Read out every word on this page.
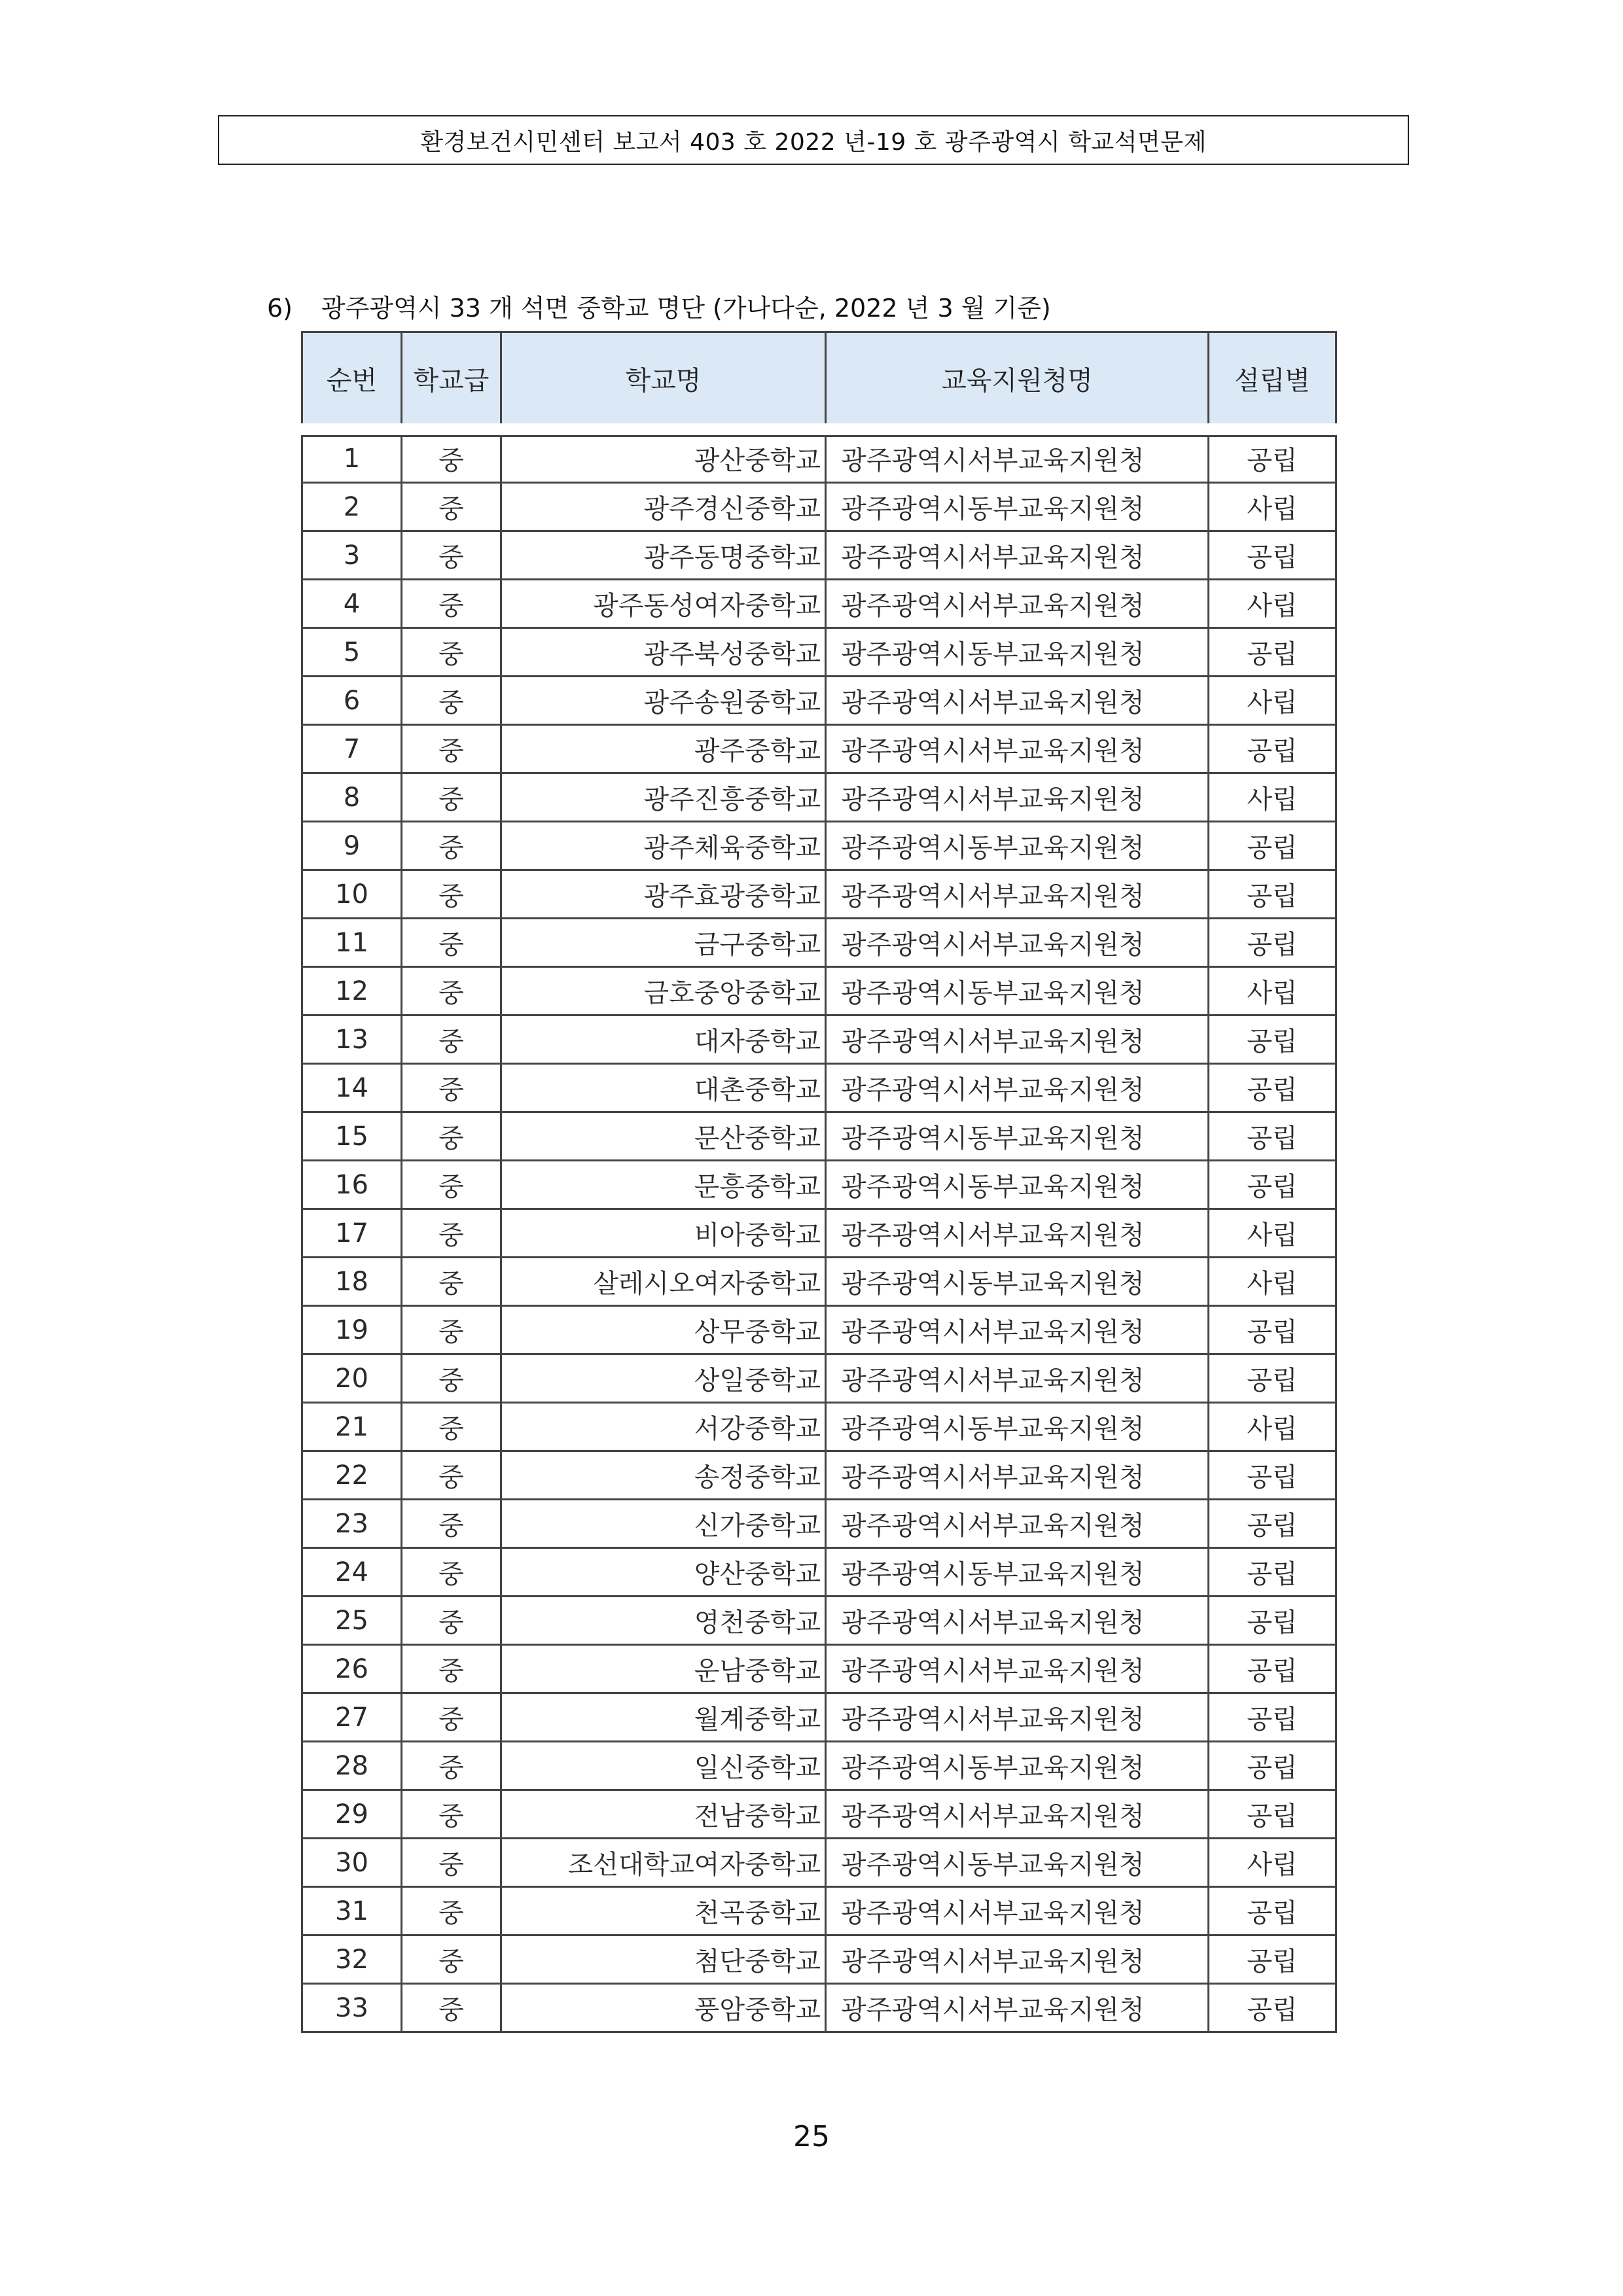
환경보건시민센터 보고서 403 호 2022 년-19 호 광주광역시 학교석면문제
6) 광주광역시 33 개 석면 중학교 명단 (가나다순, 2022 년 3 월 기준)
순번	학교급	학교명	교육지원청명	설립별
1	중	광산중학교	광주광역시서부교육지원청	공립
2	중	광주경신중학교	광주광역시동부교육지원청	사립
3	중	광주동명중학교	광주광역시서부교육지원청	공립
4	중	광주동성여자중학교	광주광역시서부교육지원청	사립
5	중	광주북성중학교	광주광역시동부교육지원청	공립
6	중	광주송원중학교	광주광역시서부교육지원청	사립
7	중	광주중학교	광주광역시서부교육지원청	공립
8	중	광주진흥중학교	광주광역시서부교육지원청	사립
9	중	광주체육중학교	광주광역시동부교육지원청	공립
10	중	광주효광중학교	광주광역시서부교육지원청	공립
11	중	금구중학교	광주광역시서부교육지원청	공립
12	중	금호중앙중학교	광주광역시동부교육지원청	사립
13	중	대자중학교	광주광역시서부교육지원청	공립
14	중	대촌중학교	광주광역시서부교육지원청	공립
15	중	문산중학교	광주광역시동부교육지원청	공립
16	중	문흥중학교	광주광역시동부교육지원청	공립
17	중	비아중학교	광주광역시서부교육지원청	사립
18	중	살레시오여자중학교	광주광역시동부교육지원청	사립
19	중	상무중학교	광주광역시서부교육지원청	공립
20	중	상일중학교	광주광역시서부교육지원청	공립
21	중	서강중학교	광주광역시동부교육지원청	사립
22	중	송정중학교	광주광역시서부교육지원청	공립
23	중	신가중학교	광주광역시서부교육지원청	공립
24	중	양산중학교	광주광역시동부교육지원청	공립
25	중	영천중학교	광주광역시서부교육지원청	공립
26	중	운남중학교	광주광역시서부교육지원청	공립
27	중	월계중학교	광주광역시서부교육지원청	공립
28	중	일신중학교	광주광역시동부교육지원청	공립
29	중	전남중학교	광주광역시서부교육지원청	공립
30	중	조선대학교여자중학교	광주광역시동부교육지원청	사립
31	중	천곡중학교	광주광역시서부교육지원청	공립
32	중	첨단중학교	광주광역시서부교육지원청	공립
33	중	풍암중학교	광주광역시서부교육지원청	공립
25
